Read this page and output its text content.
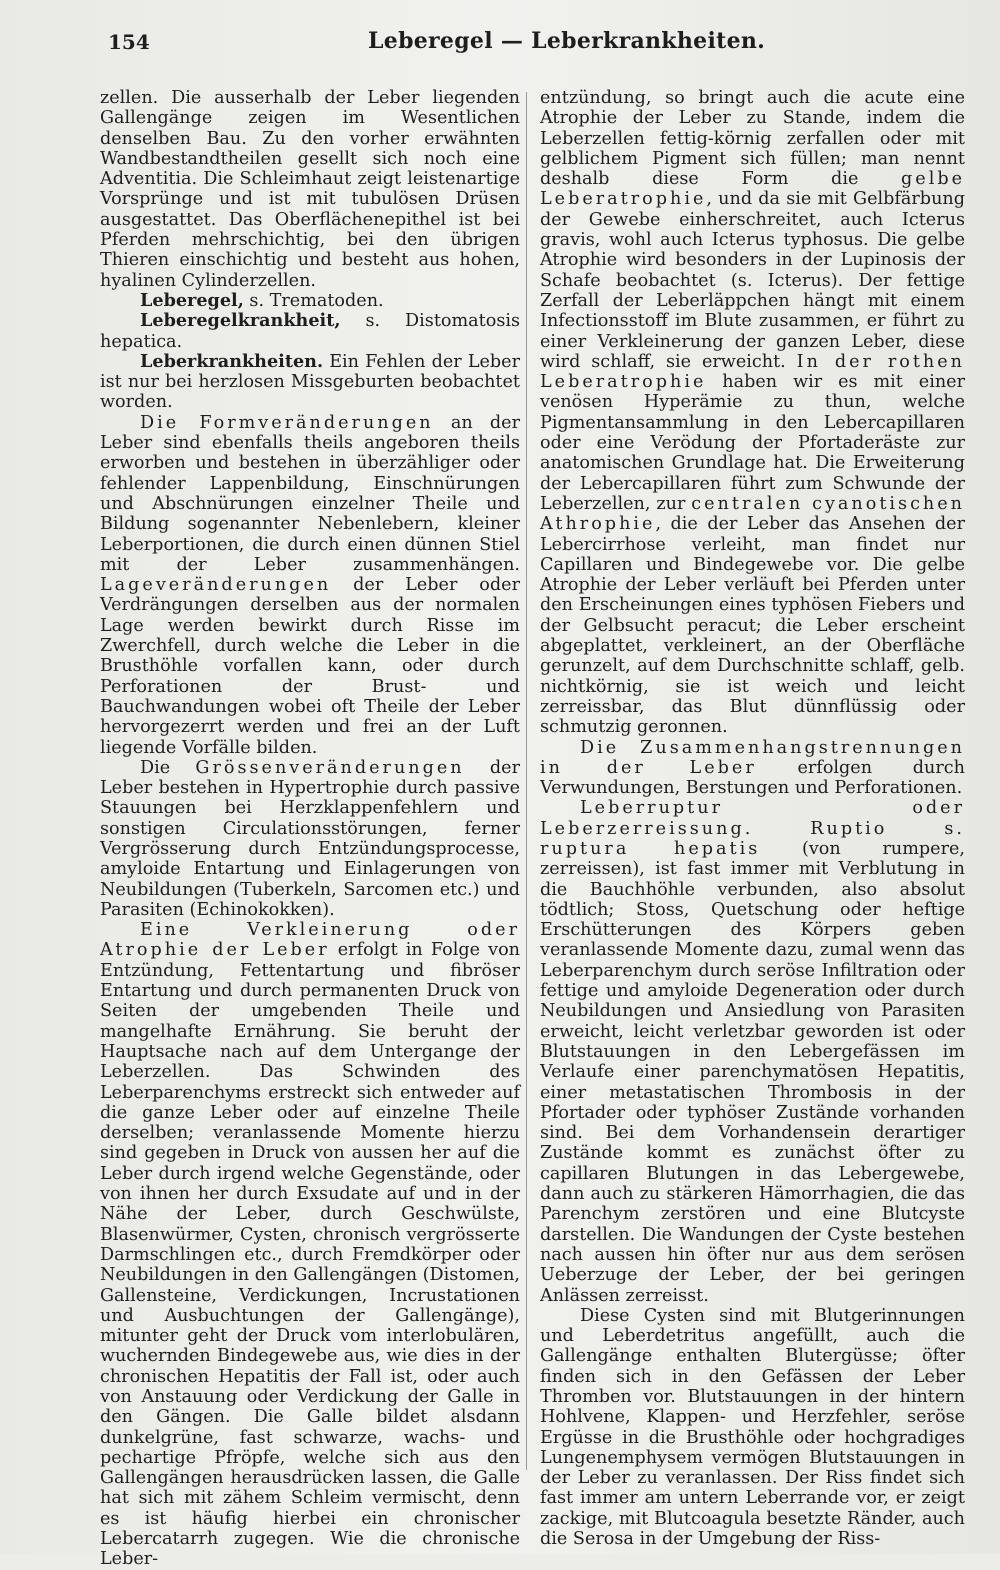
154	Leberegel — Leberkrankheiten.

zellen. Die ausserhalb der Leber liegenden Gallengänge zeigen im Wesentlichen denselben Bau. Zu den vorher erwähnten Wandbestandtheilen gesellt sich noch eine Adventitia. Die Schleimhaut zeigt leistenartige Vorsprünge und ist mit tubulösen Drüsen ausgestattet. Das Oberflächenepithel ist bei Pferden mehrschichtig, bei den übrigen Thieren einschichtig und besteht aus hohen, hyalinen Cylinderzellen.

Leberegel, s. Trematoden.

Leberegelkrankheit, s. Distomatosis hepatica.

Leberkrankheiten. Ein Fehlen der Leber ist nur bei herzlosen Missgeburten beobachtet worden.

Die Formveränderungen an der Leber sind ebenfalls theils angeboren theils erworben und bestehen in überzähliger oder fehlender Lappenbildung, Einschnürungen und Abschnürungen einzelner Theile und Bildung sogenannter Nebenlebern, kleiner Leberportionen, die durch einen dünnen Stiel mit der Leber zusammenhängen. Lageveränderungen der Leber oder Verdrängungen derselben aus der normalen Lage werden bewirkt durch Risse im Zwerchfell, durch welche die Leber in die Brusthöhle vorfallen kann, oder durch Perforationen der Brust- und Bauchwandungen wobei oft Theile der Leber hervorgezerrt werden und frei an der Luft liegende Vorfälle bilden.

Die Grössenveränderungen der Leber bestehen in Hypertrophie durch passive Stauungen bei Herzklappenfehlern und sonstigen Circulationsstörungen, ferner Vergrösserung durch Entzündungsprocesse, amyloide Entartung und Einlagerungen von Neubildungen (Tuberkeln, Sarcomen etc.) und Parasiten (Echinokokken).

Eine Verkleinerung oder Atrophie der Leber erfolgt in Folge von Entzündung, Fettentartung und fibröser Entartung und durch permanenten Druck von Seiten der umgebenden Theile und mangelhafte Ernährung. Sie beruht der Hauptsache nach auf dem Untergange der Leberzellen. Das Schwinden des Leberparenchyms erstreckt sich entweder auf die ganze Leber oder auf einzelne Theile derselben; veranlassende Momente hierzu sind gegeben in Druck von aussen her auf die Leber durch irgend welche Gegenstände, oder von ihnen her durch Exsudate auf und in der Nähe der Leber, durch Geschwülste, Blasenwürmer, Cysten, chronisch vergrösserte Darmschlingen etc., durch Fremdkörper oder Neubildungen in den Gallengängen (Distomen, Gallensteine, Verdickungen, Incrustationen und Ausbuchtungen der Gallengänge), mitunter geht der Druck vom interlobulären, wuchernden Bindegewebe aus, wie dies in der chronischen Hepatitis der Fall ist, oder auch von Anstauung oder Verdickung der Galle in den Gängen. Die Galle bildet alsdann dunkelgrüne, fast schwarze, wachs- und pechartige Pfröpfe, welche sich aus den Gallengängen herausdrücken lassen, die Galle hat sich mit zähem Schleim vermischt, denn es ist häufig hierbei ein chronischer Lebercatarrh zugegen. Wie die chronische Leber-

entzündung, so bringt auch die acute eine Atrophie der Leber zu Stande, indem die Leberzellen fettig-körnig zerfallen oder mit gelblichem Pigment sich füllen; man nennt deshalb diese Form die gelbe Leberatrophie, und da sie mit Gelbfärbung der Gewebe einherschreitet, auch Icterus gravis, wohl auch Icterus typhosus. Die gelbe Atrophie wird besonders in der Lupinosis der Schafe beobachtet (s. Icterus). Der fettige Zerfall der Leberläppchen hängt mit einem Infectionsstoff im Blute zusammen, er führt zu einer Verkleinerung der ganzen Leber, diese wird schlaff, sie erweicht. In der rothen Leberatrophie haben wir es mit einer venösen Hyperämie zu thun, welche Pigmentansammlung in den Lebercapillaren oder eine Verödung der Pfortaderäste zur anatomischen Grundlage hat. Die Erweiterung der Lebercapillaren führt zum Schwunde der Leberzellen, zur centralen cyanotischen Athrophie, die der Leber das Ansehen der Lebercirrhose verleiht, man findet nur Capillaren und Bindegewebe vor. Die gelbe Atrophie der Leber verläuft bei Pferden unter den Erscheinungen eines typhösen Fiebers und der Gelbsucht peracut; die Leber erscheint abgeplattet, verkleinert, an der Oberfläche gerunzelt, auf dem Durchschnitte schlaff, gelb. nichtkörnig, sie ist weich und leicht zerreissbar, das Blut dünnflüssig oder schmutzig geronnen.

Die Zusammenhangstrennungen in der Leber erfolgen durch Verwundungen, Berstungen und Perforationen.

Leberruptur oder Leberzerreissung. Ruptio s. ruptura hepatis (von rumpere, zerreissen), ist fast immer mit Verblutung in die Bauchhöhle verbunden, also absolut tödtlich; Stoss, Quetschung oder heftige Erschütterungen des Körpers geben veranlassende Momente dazu, zumal wenn das Leberparenchym durch seröse Infiltration oder fettige und amyloide Degeneration oder durch Neubildungen und Ansiedlung von Parasiten erweicht, leicht verletzbar geworden ist oder Blutstauungen in den Lebergefässen im Verlaufe einer parenchymatösen Hepatitis, einer metastatischen Thrombosis in der Pfortader oder typhöser Zustände vorhanden sind. Bei dem Vorhandensein derartiger Zustände kommt es zunächst öfter zu capillaren Blutungen in das Lebergewebe, dann auch zu stärkeren Hämorrhagien, die das Parenchym zerstören und eine Blutcyste darstellen. Die Wandungen der Cyste bestehen nach aussen hin öfter nur aus dem serösen Ueberzuge der Leber, der bei geringen Anlässen zerreisst.

Diese Cysten sind mit Blutgerinnungen und Leberdetritus angefüllt, auch die Gallengänge enthalten Blutergüsse; öfter finden sich in den Gefässen der Leber Thromben vor. Blutstauungen in der hintern Hohlvene, Klappen- und Herzfehler, seröse Ergüsse in die Brusthöhle oder hochgradiges Lungenemphysem vermögen Blutstauungen in der Leber zu veranlassen. Der Riss findet sich fast immer am untern Leberrande vor, er zeigt zackige, mit Blutcoagula besetzte Ränder, auch die Serosa in der Umgebung der Riss-
